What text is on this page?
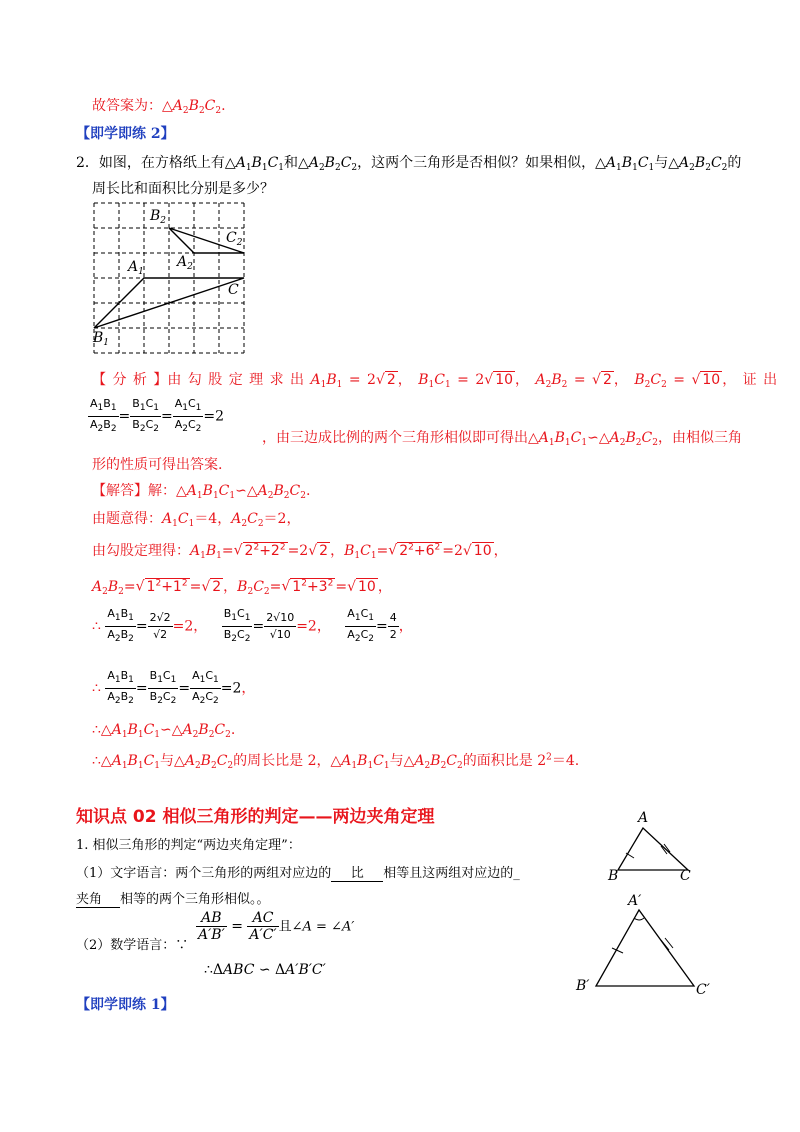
故答案为：$\triangle A_2B_2C_2$.
【即学即练 2】
2．如图，在方格纸上有$\triangle A_1B_1C_1$和$\triangle A_2B_2C_2$，这两个三角形是否相似？如果相似，$\triangle A_1B_1C_1$与$\triangle A_2B_2C_2$的
周长比和面积比分别是多少？
$B_2$
$C_2$
$A_2$
$A_1$
C
$B_1$
【 分 析 】由 勾 股 定 理 求 出 $A_1B_1 = 2√$ 2 ， $B_1C_1 = 2√$ 10 ， $A_2B_2$ = √ 2 ， $B_2C_2$ = √ 10 ， 证 出
$\frac{A_1B_1}{A_2B_2} = \frac{B_1C_1}{B_2C_2} = \frac{A_1C_1}{A_2C_2} =2$
，由三边成比例的两个三角形相似即可得出$\triangle A_1B_1C_1∽\triangle A_2B_2C_2$，由相似三角
形的性质可得出答案.
【解答】解：$\triangle A_1B_1C_1∽\triangle A_2B_2C_2$.
由题意得：$A_1C_1=4$，$A_2C_2=2$，
由勾股定理得：$A_1B_1=√$ $2^2+2^2 =2√$ 2 ，$B_1C_1=√$ $2^2+6^2 =2√$ 10 ，
$A_2B_2=√$ $1^2+1^2$ =√ 2 ，$B_2C_2=√$ $1^2+3^2$ =√ 10 ，
∴ $\frac{A_1B_1}{A_2B_2} = \frac{2√2}{√2} =2$， $\frac{B_1C_1}{B_2C_2} = \frac{2√10}{√10} =2$， $\frac{A_1C_1}{A_2C_2} = \frac{4}{2}$ ，
∴ $\frac{A_1B_1}{A_2B_2} = \frac{B_1C_1}{B_2C_2} = \frac{A_1C_1}{A_2C_2} =2$，
$\therefore\triangle A_1B_1C_1∽\triangle A_2B_2C_2$.
$\therefore\triangle A_1B_1C_1$与$\triangle A_2B_2C_2$的周长比是 2，$\triangle A_1B_1C_1$与$\triangle A_2B_2C_2$的面积比是 $2^2=4$.
知识点 02 相似三角形的判定——两边夹角定理
1. 相似三角形的判定“两边夹角定理”：
（1）文字语言：两个三角形的两组对应边的 比 相等且这两组对应边的_
夹角 相等的两个三角形相似。。
（2）数学语言：∵
$\frac{AB}{A'B'} = \frac{AC}{A'C'}$ 且∠A = ∠A′
∴ΔABC ∽ ΔA′B′C′
A
B	C
A′
B′	C′
【即学即练 1】
